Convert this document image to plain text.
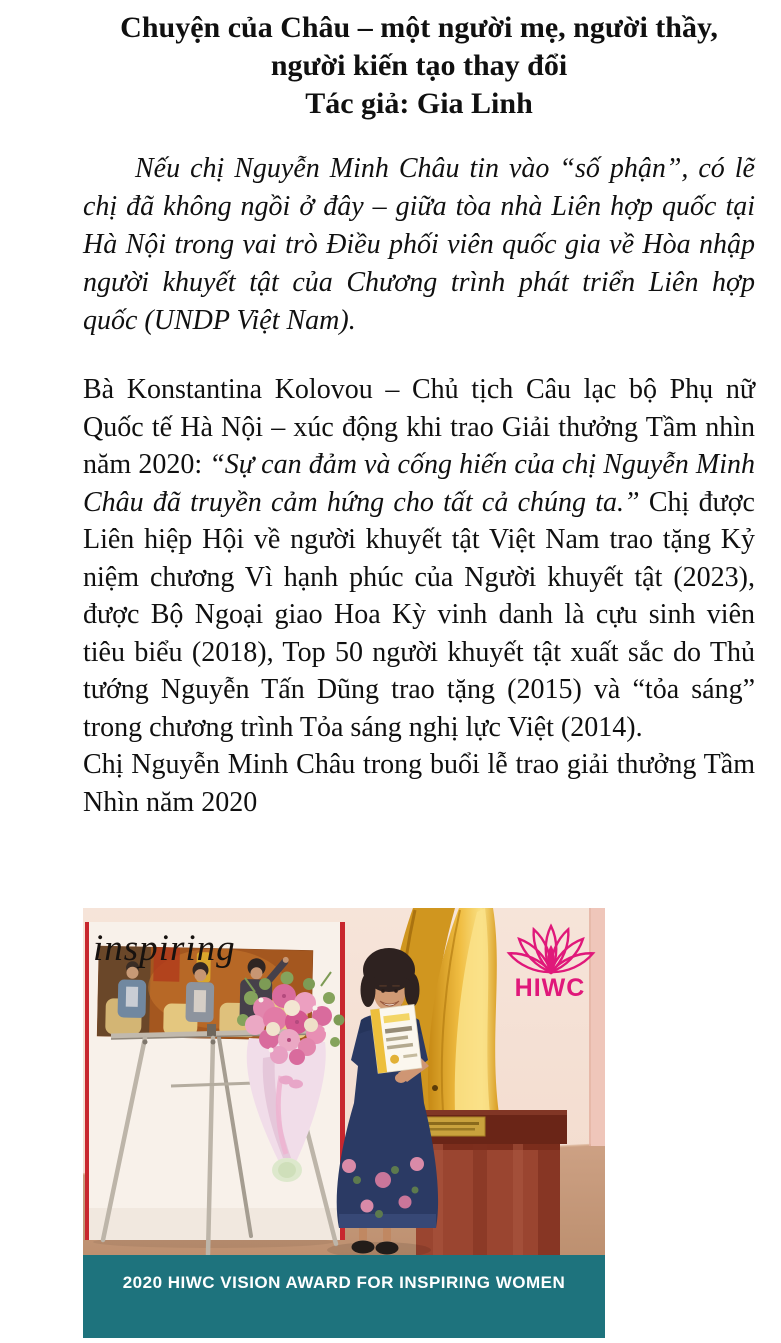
Chuyện của Châu – một người mẹ, người thầy,
người kiến tạo thay đổi
Tác giả: Gia Linh

Nếu chị Nguyễn Minh Châu tin vào “số phận”, có lẽ chị đã không ngồi ở đây – giữa tòa nhà Liên hợp quốc tại Hà Nội trong vai trò Điều phối viên quốc gia về Hòa nhập người khuyết tật của Chương trình phát triển Liên hợp quốc (UNDP Việt Nam).

Bà Konstantina Kolovou – Chủ tịch Câu lạc bộ Phụ nữ Quốc tế Hà Nội – xúc động khi trao Giải thưởng Tầm nhìn năm 2020: “Sự can đảm và cống hiến của chị Nguyễn Minh Châu đã truyền cảm hứng cho tất cả chúng ta.” Chị được Liên hiệp Hội về người khuyết tật Việt Nam trao tặng Kỷ niệm chương Vì hạnh phúc của Người khuyết tật (2023), được Bộ Ngoại giao Hoa Kỳ vinh danh là cựu sinh viên tiêu biểu (2018), Top 50 người khuyết tật xuất sắc do Thủ tướng Nguyễn Tấn Dũng trao tặng (2015) và “tỏa sáng” trong chương trình Tỏa sáng nghị lực Việt (2014).

Chị Nguyễn Minh Châu trong buổi lễ trao giải thưởng Tầm Nhìn năm 2020

inspiring
HIWC
2020 HIWC VISION AWARD FOR INSPIRING WOMEN
